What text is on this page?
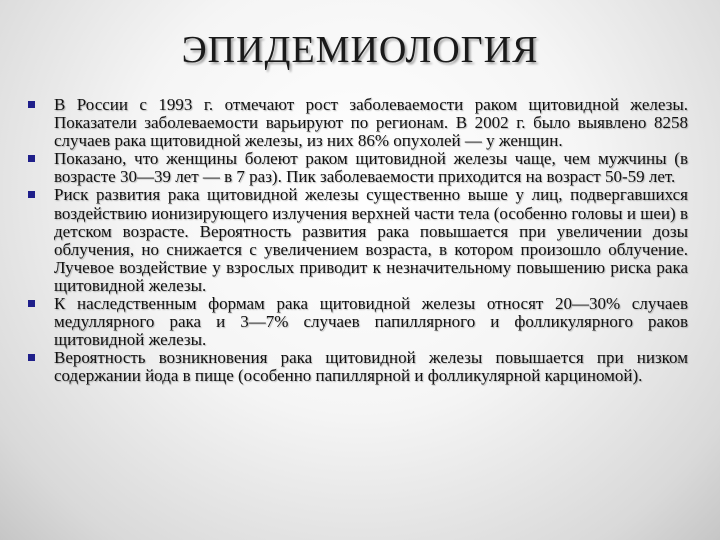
ЭПИДЕМИОЛОГИЯ
В России с 1993 г. отмечают рост заболеваемости раком щитовидной железы. Показатели заболеваемости варьируют по регионам. В 2002 г. было выявлено 8258 случаев рака щитовидной железы, из них 86% опухолей — у женщин.
Показано, что женщины болеют раком щитовидной железы чаще, чем мужчины (в возрасте 30—39 лет — в 7 раз). Пик заболеваемости приходится на возраст 50-59 лет.
Риск развития рака щитовидной железы существенно выше у лиц, подвергавшихся воздействию ионизирующего излучения верхней части тела (особенно головы и шеи) в детском возрасте. Вероятность развития рака повышается при увеличении дозы облучения, но снижается с увеличением возраста, в котором произошло облучение. Лучевое воздействие у взрослых приводит к незначительному повышению риска рака щитовидной железы.
К наследственным формам рака щитовидной железы относят 20—30% случаев медуллярного рака и 3—7% случаев папиллярного и фолликулярного раков щитовидной железы.
Вероятность возникновения рака щитовидной железы повышается при низком содержании йода в пище (особенно папиллярной и фолликулярной карциномой).
